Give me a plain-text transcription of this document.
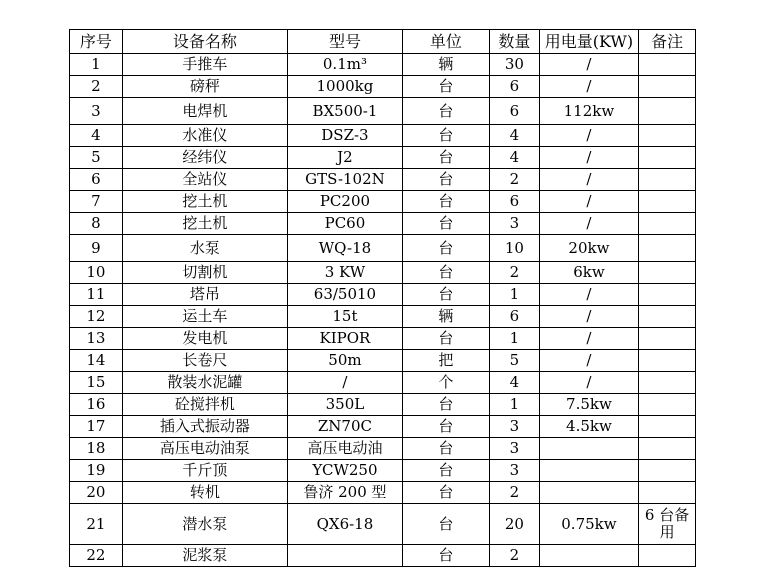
序号	设备名称	型号	单位	数量	用电量(KW)	备注
1	手推车	0.1m³	辆	30	/	
2	磅秤	1000kg	台	6	/	
3	电焊机	BX500-1	台	6	112kw	
4	水准仪	DSZ-3	台	4	/	
5	经纬仪	J2	台	4	/	
6	全站仪	GTS-102N	台	2	/	
7	挖土机	PC200	台	6	/	
8	挖土机	PC60	台	3	/	
9	水泵	WQ-18	台	10	20kw	
10	切割机	3 KW	台	2	6kw	
11	塔吊	63/5010	台	1	/	
12	运土车	15t	辆	6	/	
13	发电机	KIPOR	台	1	/	
14	长卷尺	50m	把	5	/	
15	散装水泥罐	/	个	4	/	
16	砼搅拌机	350L	台	1	7.5kw	
17	插入式振动器	ZN70C	台	3	4.5kw	
18	高压电动油泵	高压电动油	台	3		
19	千斤顶	YCW250	台	3		
20	转机	鲁济 200 型	台	2		
21	潜水泵	QX6-18	台	20	0.75kw	6 台备用
22	泥浆泵		台	2		
